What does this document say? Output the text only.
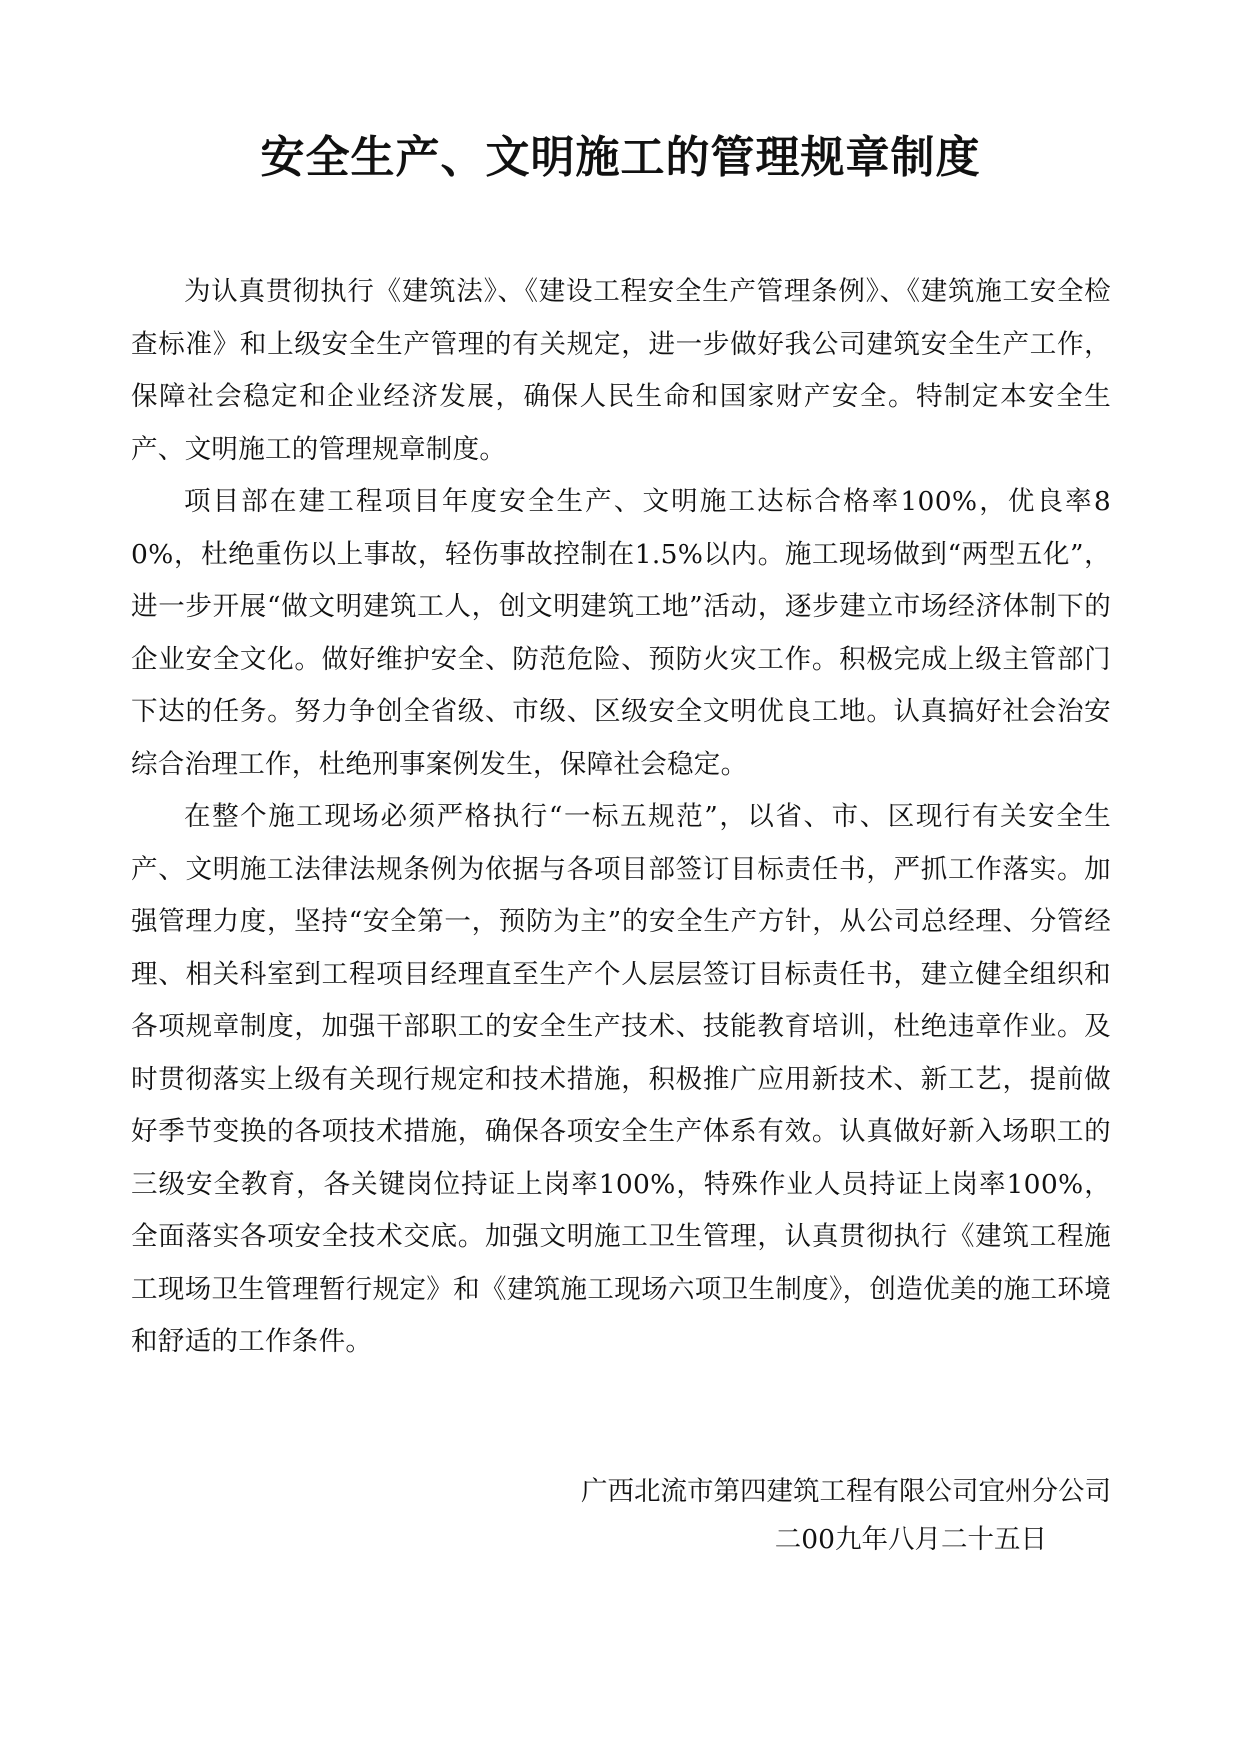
安全生产、文明施工的管理规章制度

为认真贯彻执行《建筑法》、《建设工程安全生产管理条例》、《建筑施工安全检查标准》和上级安全生产管理的有关规定，进一步做好我公司建筑安全生产工作，保障社会稳定和企业经济发展，确保人民生命和国家财产安全。特制定本安全生产、文明施工的管理规章制度。

项目部在建工程项目年度安全生产、文明施工达标合格率100%，优良率80%，杜绝重伤以上事故，轻伤事故控制在1.5%以内。施工现场做到“两型五化”，进一步开展“做文明建筑工人，创文明建筑工地”活动，逐步建立市场经济体制下的企业安全文化。做好维护安全、防范危险、预防火灾工作。积极完成上级主管部门下达的任务。努力争创全省级、市级、区级安全文明优良工地。认真搞好社会治安综合治理工作，杜绝刑事案例发生，保障社会稳定。

在整个施工现场必须严格执行“一标五规范”，以省、市、区现行有关安全生产、文明施工法律法规条例为依据与各项目部签订目标责任书，严抓工作落实。加强管理力度，坚持“安全第一，预防为主”的安全生产方针，从公司总经理、分管经理、相关科室到工程项目经理直至生产个人层层签订目标责任书，建立健全组织和各项规章制度，加强干部职工的安全生产技术、技能教育培训，杜绝违章作业。及时贯彻落实上级有关现行规定和技术措施，积极推广应用新技术、新工艺，提前做好季节变换的各项技术措施，确保各项安全生产体系有效。认真做好新入场职工的三级安全教育，各关键岗位持证上岗率100%，特殊作业人员持证上岗率100%，全面落实各项安全技术交底。加强文明施工卫生管理，认真贯彻执行《建筑工程施工现场卫生管理暂行规定》和《建筑施工现场六项卫生制度》，创造优美的施工环境和舒适的工作条件。

广西北流市第四建筑工程有限公司宜州分公司
二00九年八月二十五日
